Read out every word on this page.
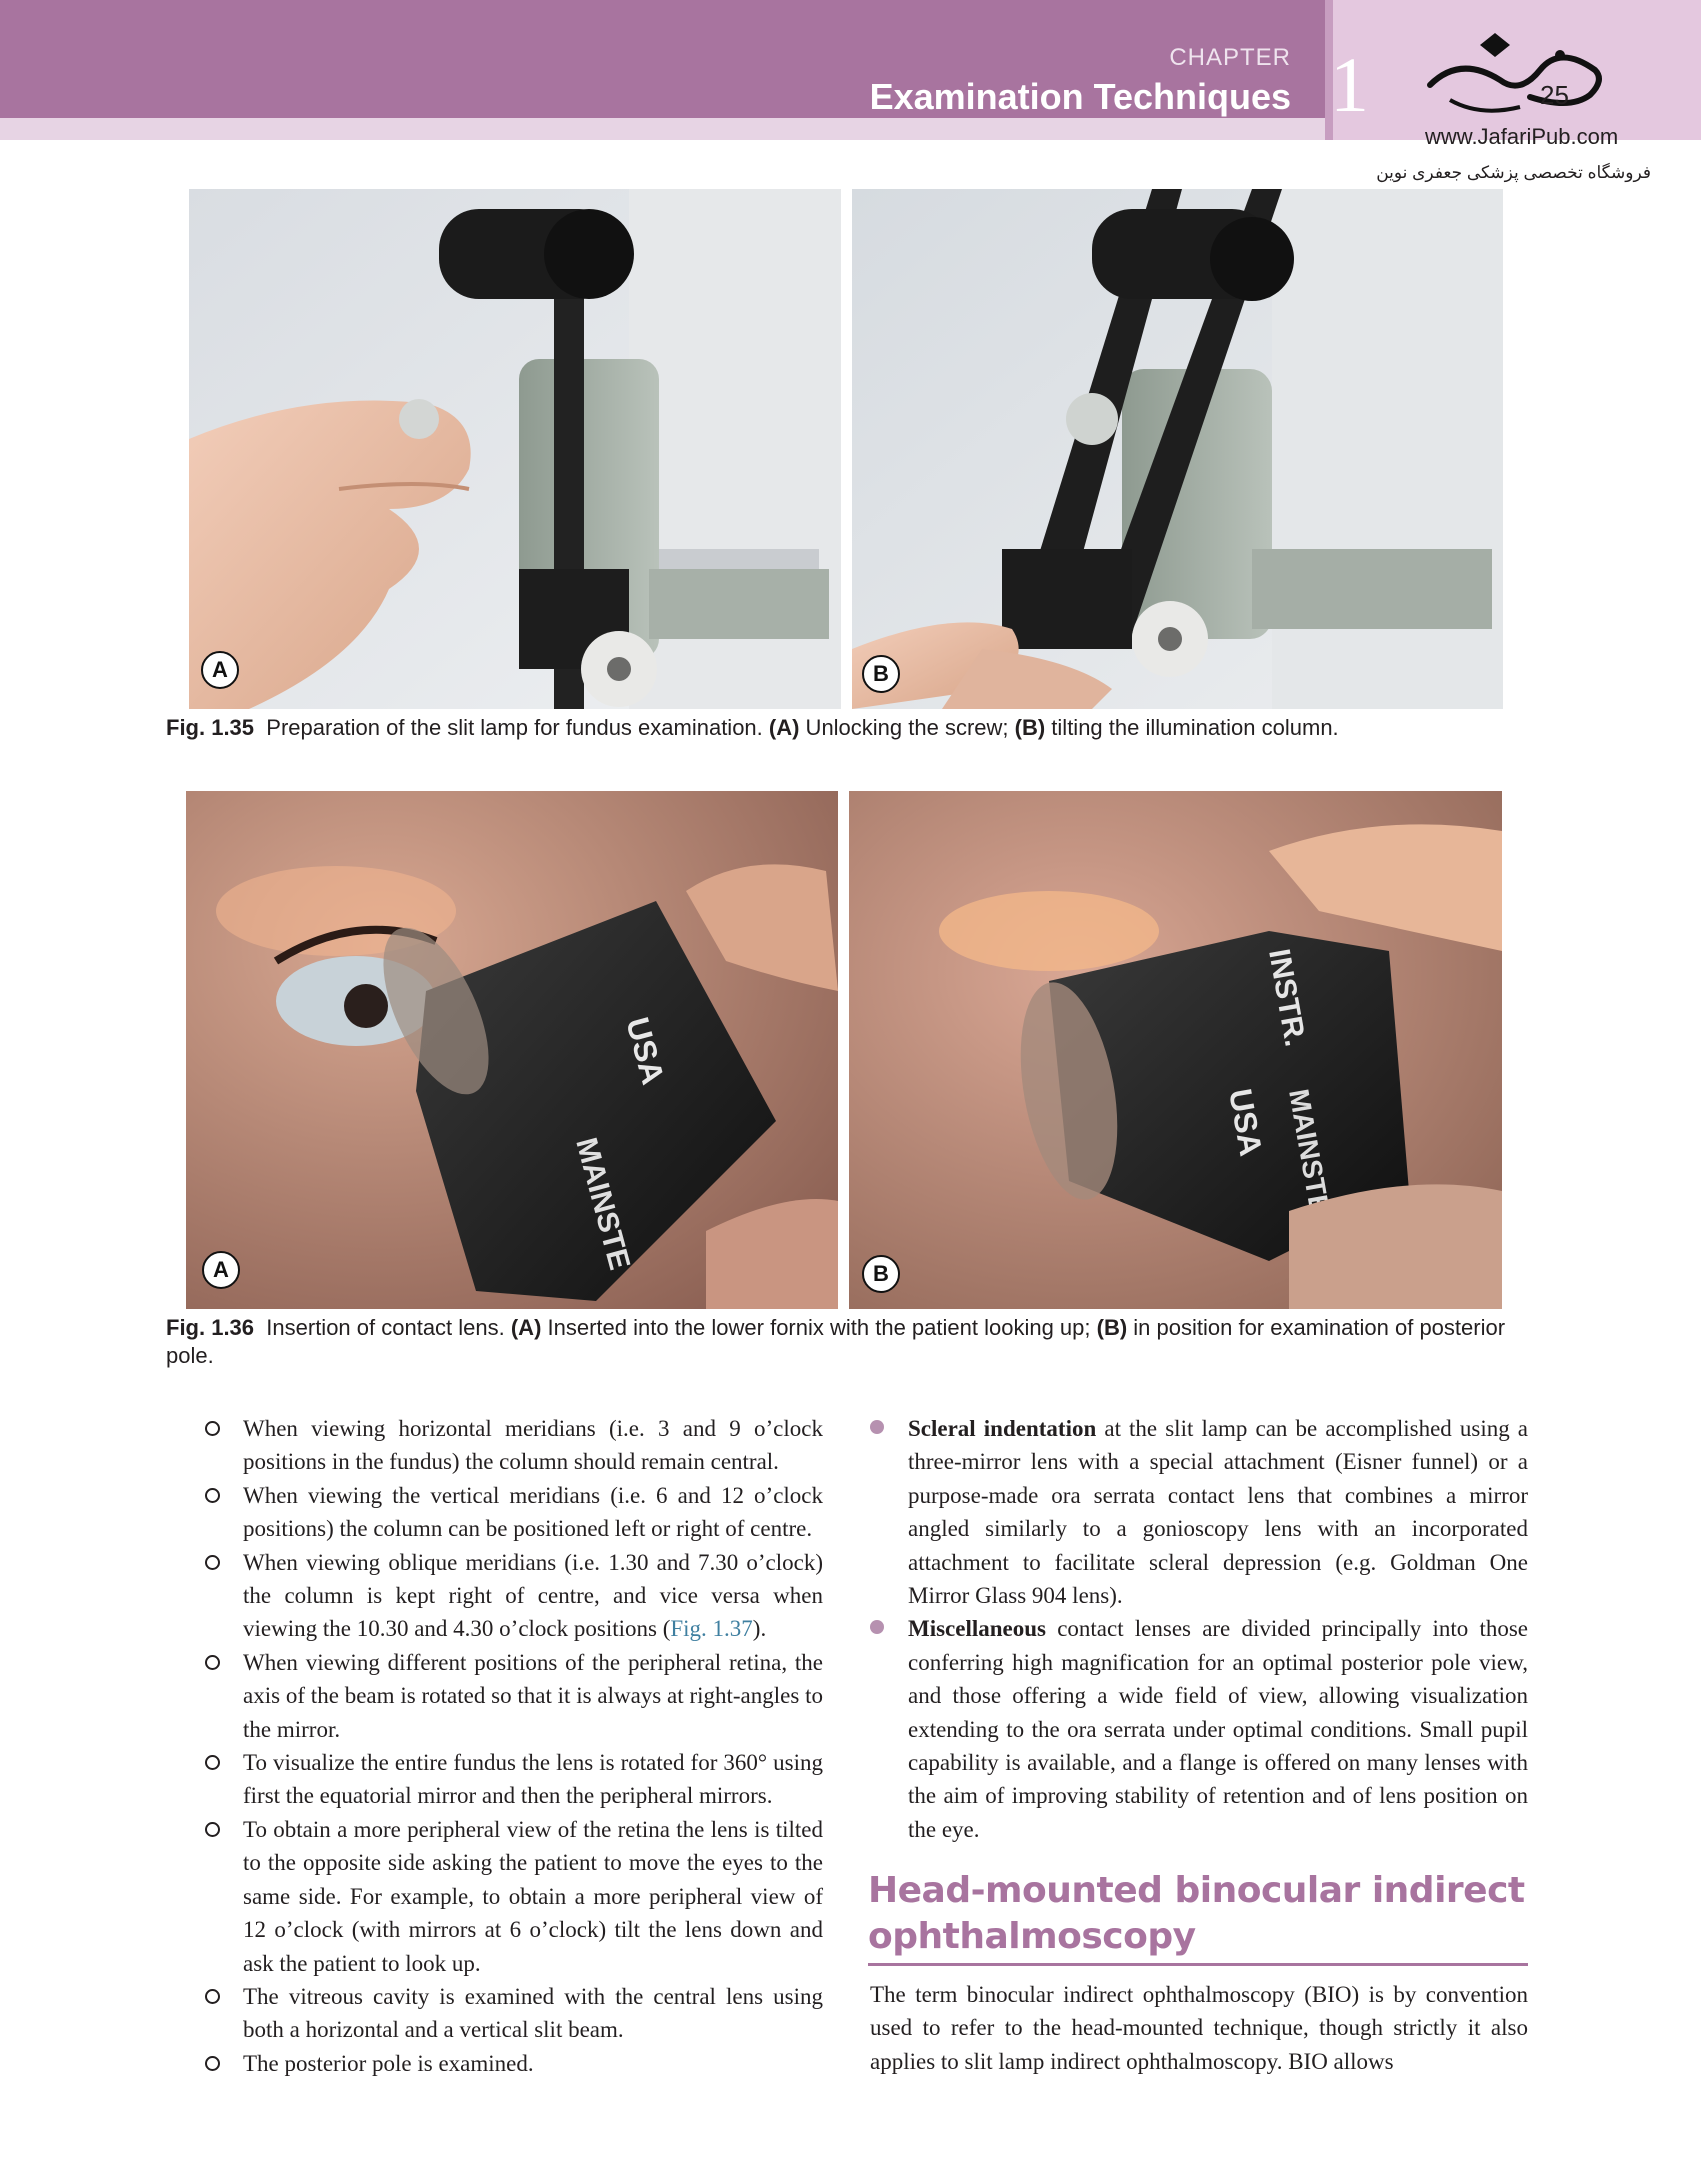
CHAPTER
Examination Techniques 1	25
www.JafariPub.com
فروشگاه تخصصی پزشکی جعفری نوین
A	B
Fig. 1.35 Preparation of the slit lamp for fundus examination. (A) Unlocking the screw; (B) tilting the illumination column.
USA
MAINSTE
A
INSTR.
USA MAINSTE
B
Fig. 1.36 Insertion of contact lens. (A) Inserted into the lower fornix with the patient looking up; (B) in position for examination of posterior pole.
When viewing horizontal meridians (i.e. 3 and 9 o’clock positions in the fundus) the column should remain central.
When viewing the vertical meridians (i.e. 6 and 12 o’clock positions) the column can be positioned left or right of centre.
When viewing oblique meridians (i.e. 1.30 and 7.30 o’clock) the column is kept right of centre, and vice versa when viewing the 10.30 and 4.30 o’clock positions (Fig. 1.37).
When viewing different positions of the peripheral retina, the axis of the beam is rotated so that it is always at right-angles to the mirror.
To visualize the entire fundus the lens is rotated for 360° using first the equatorial mirror and then the peripheral mirrors.
To obtain a more peripheral view of the retina the lens is tilted to the opposite side asking the patient to move the eyes to the same side. For example, to obtain a more peripheral view of 12 o’clock (with mirrors at 6 o’clock) tilt the lens down and ask the patient to look up.
The vitreous cavity is examined with the central lens using both a horizontal and a vertical slit beam.
The posterior pole is examined.
Scleral indentation at the slit lamp can be accomplished using a three-mirror lens with a special attachment (Eisner funnel) or a purpose-made ora serrata contact lens that combines a mirror angled similarly to a gonioscopy lens with an incorporated attachment to facilitate scleral depression (e.g. Goldman One Mirror Glass 904 lens).
Miscellaneous contact lenses are divided principally into those conferring high magnification for an optimal posterior pole view, and those offering a wide field of view, allowing visualization extending to the ora serrata under optimal conditions. Small pupil capability is available, and a flange is offered on many lenses with the aim of improving stability of retention and of lens position on the eye.
Head-mounted binocular indirect ophthalmoscopy
The term binocular indirect ophthalmoscopy (BIO) is by convention used to refer to the head-mounted technique, though strictly it also applies to slit lamp indirect ophthalmoscopy. BIO allows
